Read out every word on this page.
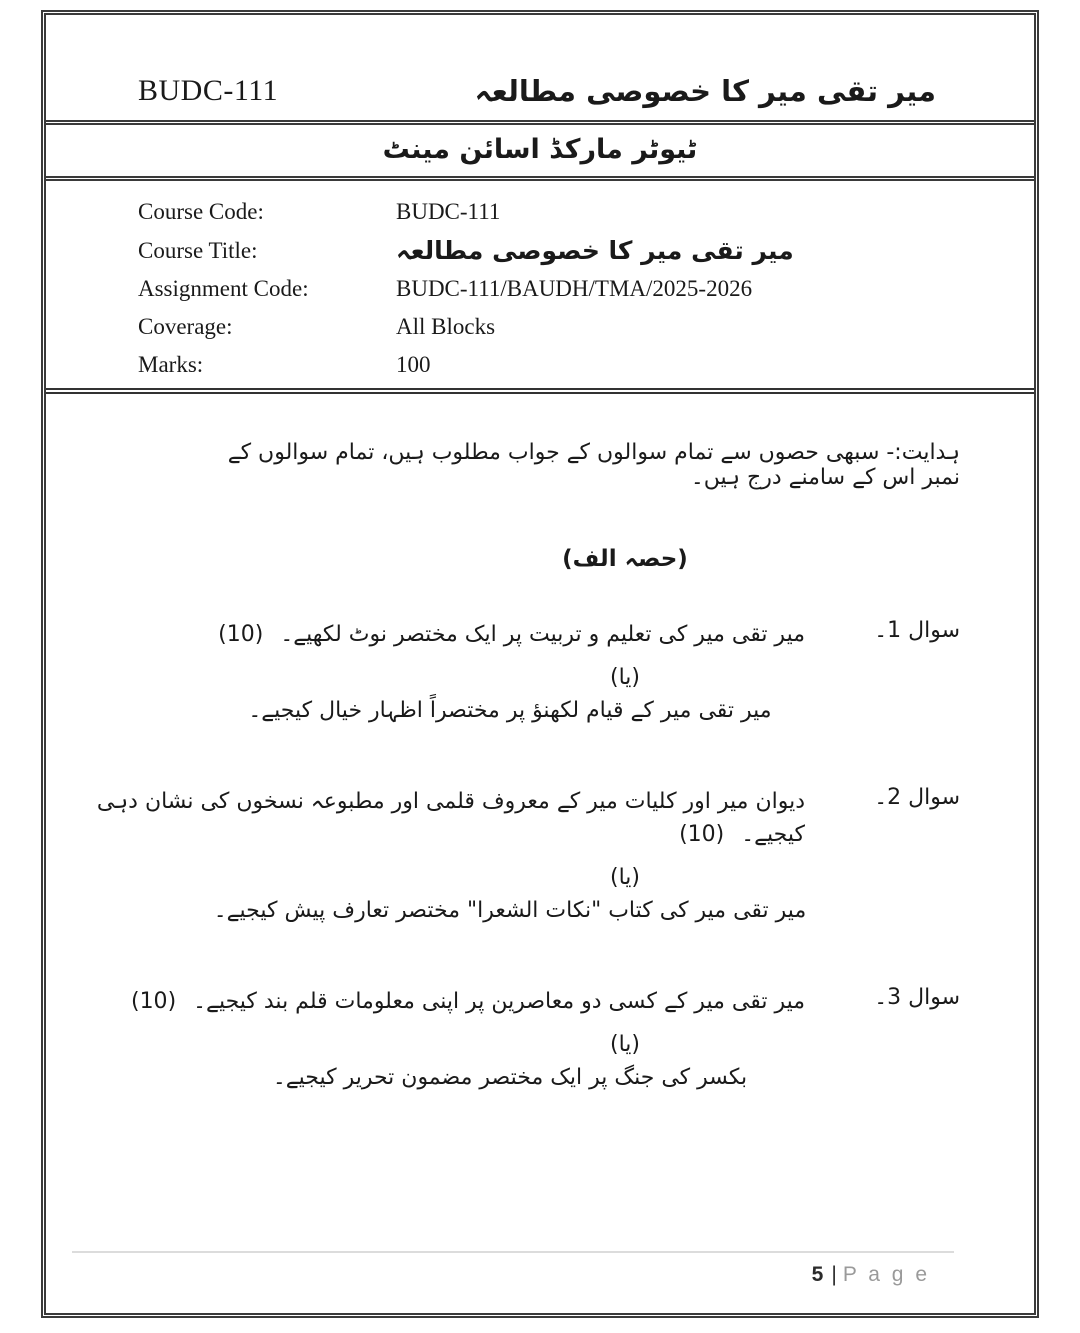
BUDC-111	میر تقی میر کا خصوصی مطالعہ
ٹیوٹر مارکڈ اسائن مینٹ
Course Code:	BUDC-111
Course Title:	میر تقی میر کا خصوصی مطالعہ
Assignment Code:	BUDC-111/BAUDH/TMA/2025-2026
Coverage:	All Blocks
Marks:	100
ہدایت:- سبھی حصوں سے تمام سوالوں کے جواب مطلوب ہیں، تمام سوالوں کے نمبر اس کے سامنے درج ہیں۔
(حصہ الف)
سوال 1۔
میر تقی میر کی تعلیم و تربیت پر ایک مختصر نوٹ لکھیے۔ (10)
(یا)
میر تقی میر کے قیام لکھنؤ پر مختصراً اظہار خیال کیجیے۔
سوال 2۔
دیوان میر اور کلیات میر کے معروف قلمی اور مطبوعہ نسخوں کی نشان دہی کیجیے۔ (10)
(یا)
میر تقی میر کی کتاب "نکات الشعرا" مختصر تعارف پیش کیجیے۔
سوال 3۔
میر تقی میر کے کسی دو معاصرین پر اپنی معلومات قلم بند کیجیے۔ (10)
(یا)
بکسر کی جنگ پر ایک مختصر مضمون تحریر کیجیے۔
5 | P a g e
